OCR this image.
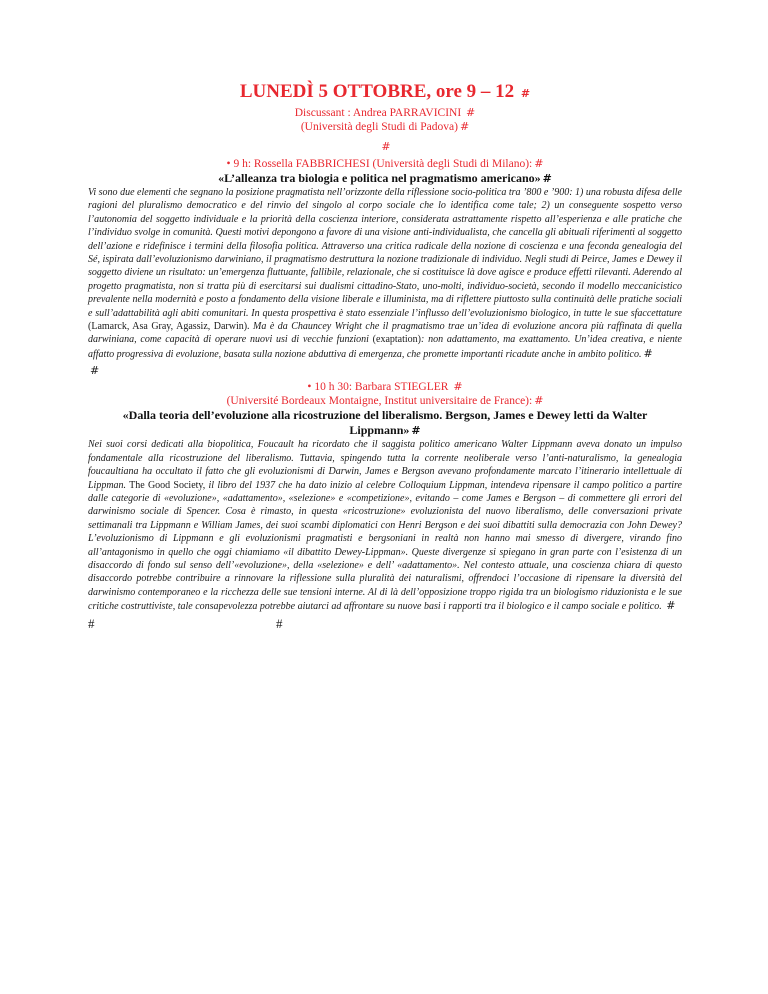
LUNEDÌ 5 OTTOBRE, ore 9 – 12 #

Discussant : Andrea PARRAVICINI #

(Università degli Studi di Padova) #

#

• 9 h: Rossella FABBRICHESI (Università degli Studi di Milano): #

«L’alleanza tra biologia e politica nel pragmatismo americano» #

Vi sono due elementi che segnano la posizione pragmatista nell’orizzonte della riflessione socio-politica tra ’800 e ’900: 1) una robusta difesa delle ragioni del pluralismo democratico e del rinvio del singolo al corpo sociale che lo identifica come tale; 2) un conseguente sospetto verso l’autonomia del soggetto individuale e la priorità della coscienza interiore, considerata astrattamente rispetto all’esperienza e alle pratiche che l’individuo svolge in comunità. Questi motivi depongono a favore di una visione anti-individualista, che cancella gli abituali riferimenti al soggetto dell’azione e ridefinisce i termini della filosofia politica. Attraverso una critica radicale della nozione di coscienza e una feconda genealogia del Sé, ispirata dall’evoluzionismo darwiniano, il pragmatismo destruttura la nozione tradizionale di individuo. Negli studi di Peirce, James e Dewey il soggetto diviene un risultato: un’emergenza fluttuante, fallibile, relazionale, che si costituisce là dove agisce e produce effetti rilevanti. Aderendo al progetto pragmatista, non si tratta più di esercitarsi sui dualismi cittadino-Stato, uno-molti, individuo-società, secondo il modello meccanicistico prevalente nella modernità e posto a fondamento della visione liberale e illuminista, ma di riflettere piuttosto sulla continuità delle pratiche sociali e sull’adattabilità agli abiti comunitari. In questa prospettiva è stato essenziale l’influsso dell’evoluzionismo biologico, in tutte le sue sfaccettature (Lamarck, Asa Gray, Agassiz, Darwin). Ma è da Chauncey Wright che il pragmatismo trae un’idea di evoluzione ancora più raffinata di quella darwiniana, come capacità di operare nuovi usi di vecchie funzioni (exaptation): non adattamento, ma exattamento. Un’idea creativa, e niente affatto progressiva di evoluzione, basata sulla nozione abduttiva di emergenza, che promette importanti ricadute anche in ambito politico. #

#

• 10 h 30: Barbara STIEGLER #

(Université Bordeaux Montaigne, Institut universitaire de France): #

«Dalla teoria dell’evoluzione alla ricostruzione del liberalismo. Bergson, James e Dewey letti da Walter Lippmann» #

Nei suoi corsi dedicati alla biopolitica, Foucault ha ricordato che il saggista politico americano Walter Lippmann aveva donato un impulso fondamentale alla ricostruzione del liberalismo. Tuttavia, spingendo tutta la corrente neoliberale verso l’anti-naturalismo, la genealogia foucaultiana ha occultato il fatto che gli evoluzionismi di Darwin, James e Bergson avevano profondamente marcato l’itinerario intellettuale di Lippman. The Good Society, il libro del 1937 che ha dato inizio al celebre Colloquium Lippman, intendeva ripensare il campo politico a partire dalle categorie di «evoluzione», «adattamento», «selezione» e «competizione», evitando – come James e Bergson – di commettere gli errori del darwinismo sociale di Spencer. Cosa è rimasto, in questa «ricostruzione» evoluzionista del nuovo liberalismo, delle conversazioni private settimanali tra Lippmann e William James, dei suoi scambi diplomatici con Henri Bergson e dei suoi dibattiti sulla democrazia con John Dewey? L’evoluzionismo di Lippmann e gli evoluzionismi pragmatisti e bergsoniani in realtà non hanno mai smesso di divergere, virando fino all’antagonismo in quello che oggi chiamiamo «il dibattito Dewey-Lippman». Queste divergenze si spiegano in gran parte con l’esistenza di un disaccordo di fondo sul senso dell’«evoluzione», della «selezione» e dell’ «adattamento». Nel contesto attuale, una coscienza chiara di questo disaccordo potrebbe contribuire a rinnovare la riflessione sulla pluralità dei naturalismi, offrendoci l’occasione di ripensare la diversità del darwinismo contemporaneo e la ricchezza delle sue tensioni interne. Al di là dell’opposizione troppo rigida tra un biologismo riduzionista e le sue critiche costruttiviste, tale consapevolezza potrebbe aiutarci ad affrontare su nuove basi i rapporti tra il biologico e il campo sociale e politico. #

#	#
